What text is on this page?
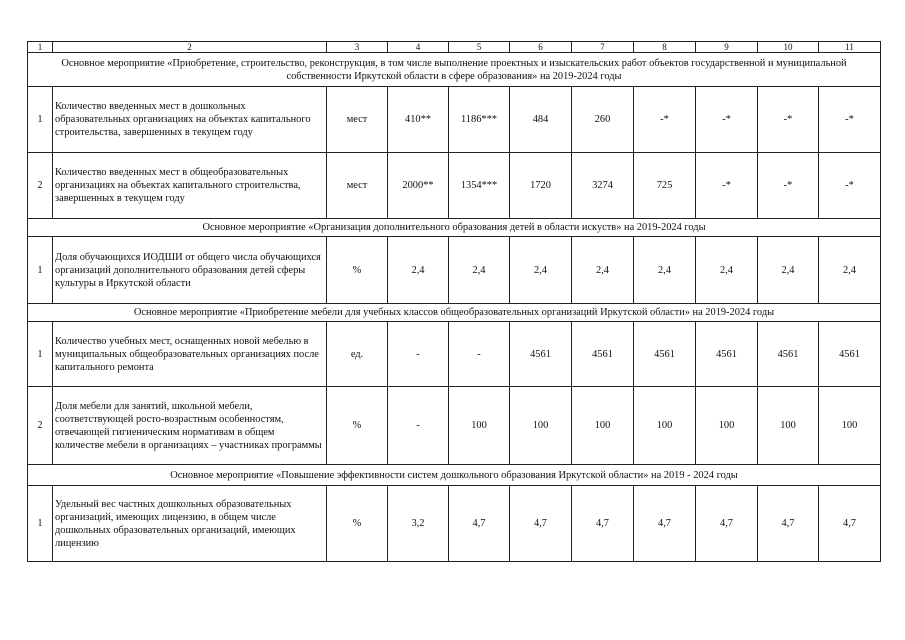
1	2	3	4	5	6	7	8	9	10	11
Основное мероприятие «Приобретение, строительство, реконструкция, в том числе выполнение проектных и изыскательских работ объектов государственной и муниципальной собственности Иркутской области в сфере образования» на 2019-2024 годы										
1	Количество введенных мест в дошкольных образовательных организациях на объектах капитального строительства, завершенных в текущем году	мест	410**	1186***	484	260	-*	-*	-*	-*
2	Количество введенных мест в общеобразовательных организациях на объектах капитального строительства, завершенных в текущем году	мест	2000**	1354***	1720	3274	725	-*	-*	-*
Основное мероприятие «Организация дополнительного образования детей в области искуств» на 2019-2024 годы										
1	Доля обучающихся ИОДШИ от общего числа обучающихся организаций дополнительного образования детей сферы культуры в Иркутской области	%	2,4	2,4	2,4	2,4	2,4	2,4	2,4	2,4
Основное мероприятие «Приобретение мебели для учебных классов общеобразовательных организаций Иркутской области» на 2019-2024 годы										
1	Количество учебных мест, оснащенных новой мебелью в муниципальных общеобразовательных организациях после капитального ремонта	ед.	-	-	4561	4561	4561	4561	4561	4561
2	Доля мебели для занятий, школьной мебели, соответствующей росто-возрастным особенностям, отвечающей гигиеническим нормативам в общем количестве мебели в организациях – участниках программы	%	-	100	100	100	100	100	100	100
Основное мероприятие «Повышение эффективности систем дошкольного образования Иркутской области» на 2019 - 2024 годы										
1	Удельный вес частных дошкольных образовательных организаций, имеющих лицензию, в общем числе дошкольных образовательных организаций, имеющих лицензию	%	3,2	4,7	4,7	4,7	4,7	4,7	4,7	4,7
